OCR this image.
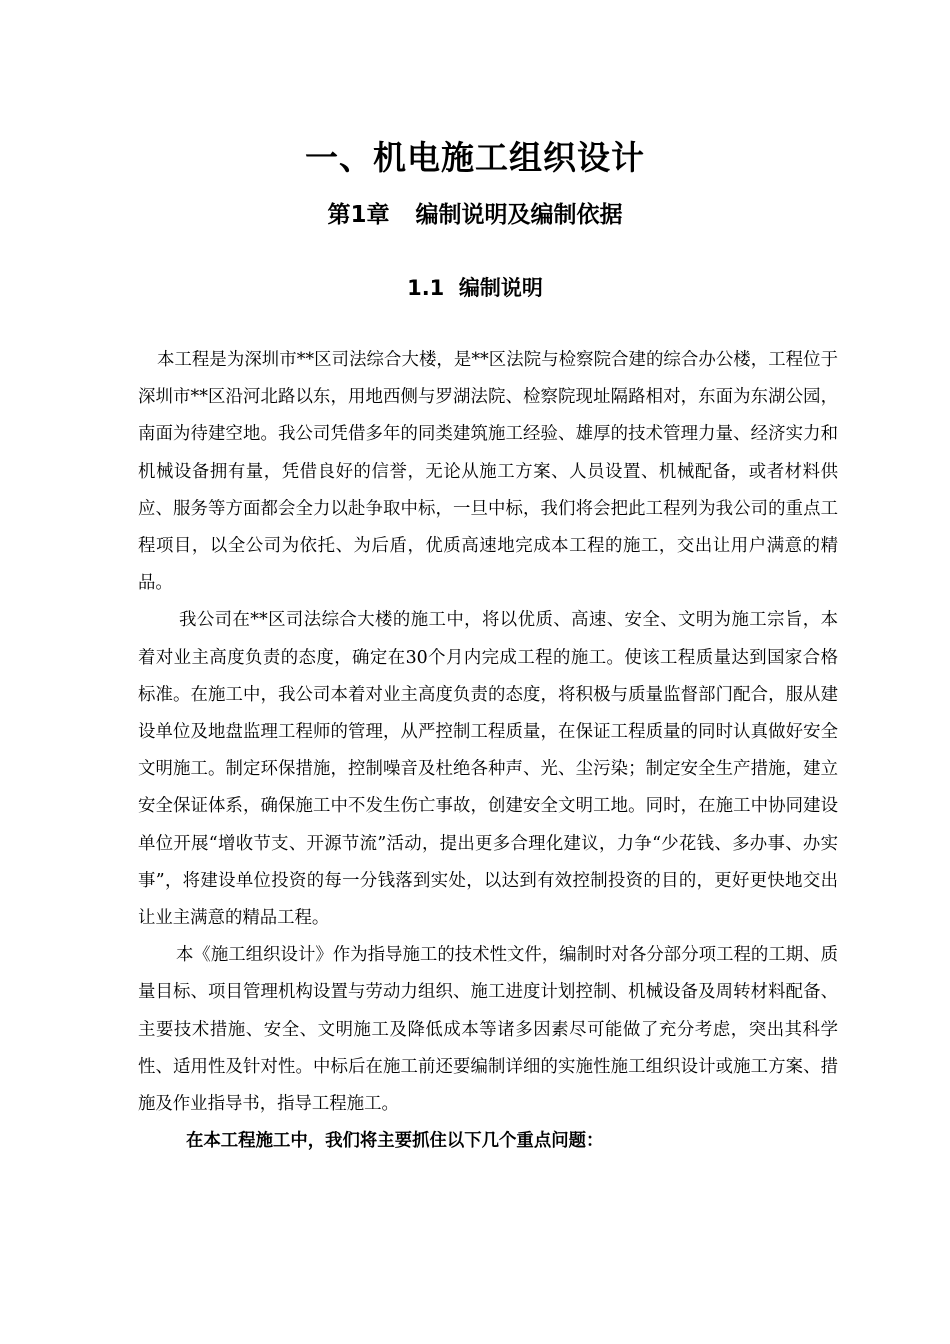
一、机电施工组织设计
第1章 编制说明及编制依据
1.1 编制说明

本工程是为深圳市**区司法综合大楼，是**区法院与检察院合建的综合办公楼，工程位于深圳市**区沿河北路以东，用地西侧与罗湖法院、检察院现址隔路相对，东面为东湖公园，南面为待建空地。我公司凭借多年的同类建筑施工经验、雄厚的技术管理力量、经济实力和机械设备拥有量，凭借良好的信誉，无论从施工方案、人员设置、机械配备，或者材料供应、服务等方面都会全力以赴争取中标，一旦中标，我们将会把此工程列为我公司的重点工程项目，以全公司为依托、为后盾，优质高速地完成本工程的施工，交出让用户满意的精品。

我公司在**区司法综合大楼的施工中，将以优质、高速、安全、文明为施工宗旨，本着对业主高度负责的态度，确定在30个月内完成工程的施工。使该工程质量达到国家合格标准。在施工中，我公司本着对业主高度负责的态度，将积极与质量监督部门配合，服从建设单位及地盘监理工程师的管理，从严控制工程质量，在保证工程质量的同时认真做好安全文明施工。制定环保措施，控制噪音及杜绝各种声、光、尘污染；制定安全生产措施，建立安全保证体系，确保施工中不发生伤亡事故，创建安全文明工地。同时，在施工中协同建设单位开展“增收节支、开源节流”活动，提出更多合理化建议，力争“少花钱、多办事、办实事”，将建设单位投资的每一分钱落到实处，以达到有效控制投资的目的，更好更快地交出让业主满意的精品工程。

本《施工组织设计》作为指导施工的技术性文件，编制时对各分部分项工程的工期、质量目标、项目管理机构设置与劳动力组织、施工进度计划控制、机械设备及周转材料配备、主要技术措施、安全、文明施工及降低成本等诸多因素尽可能做了充分考虑，突出其科学性、适用性及针对性。中标后在施工前还要编制详细的实施性施工组织设计或施工方案、措施及作业指导书，指导工程施工。

在本工程施工中，我们将主要抓住以下几个重点问题：
